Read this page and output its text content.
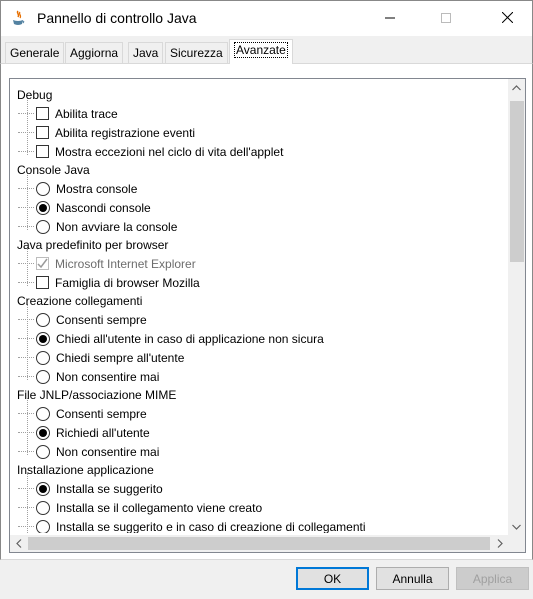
Pannello di controllo Java
Generale Aggiorna	Java Sicurezza	Avanzate
Debug
Abilita trace
Abilita registrazione eventi
Mostra eccezioni nel ciclo di vita dell'applet
Console Java
Mostra console
Nascondi console
Non avviare la console
Java predefinito per browser
Microsoft Internet Explorer
Famiglia di browser Mozilla
Creazione collegamenti
Consenti sempre
Chiedi all'utente in caso di applicazione non sicura
Chiedi sempre all'utente
Non consentire mai
File JNLP/associazione MIME
Consenti sempre
Richiedi all'utente
Non consentire mai
Installazione applicazione
Installa se suggerito
Installa se il collegamento viene creato
Installa se suggerito e in caso di creazione di collegamenti
OK	Annulla	Applica
